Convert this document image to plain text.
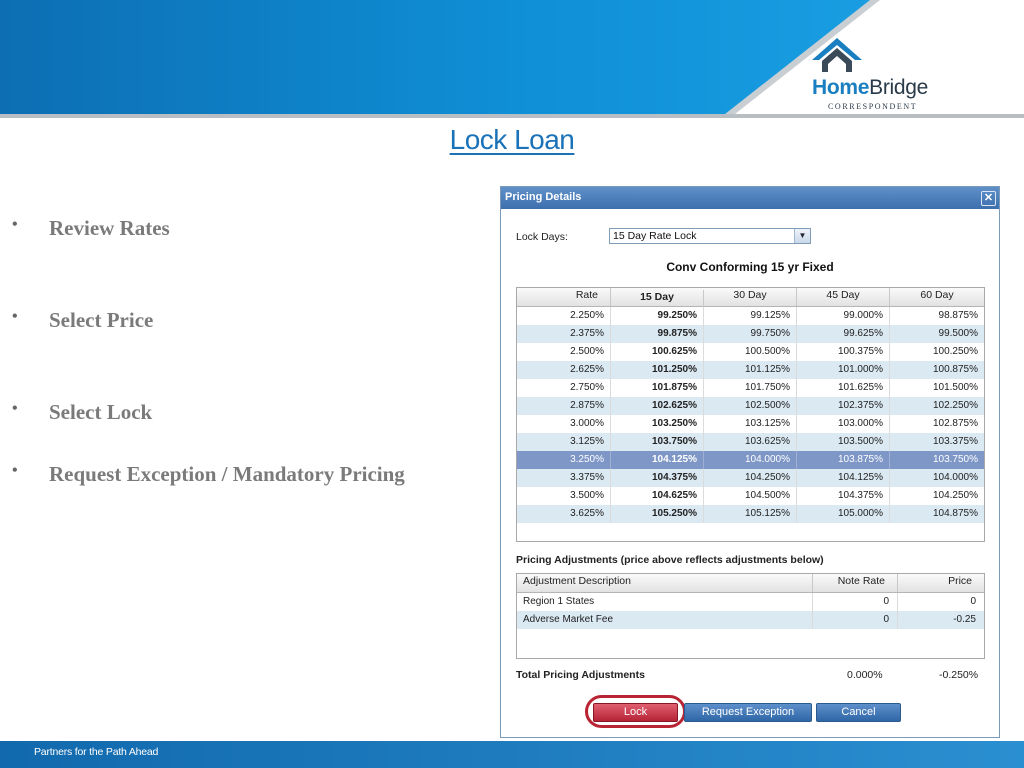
HomeBridge
CORRESPONDENT
Lock Loan
• Review Rates
• Select Price
• Select Lock
• Request Exception / Mandatory Pricing
Pricing Details	✕
Lock Days:	15 Day Rate Lock	▼
Conv Conforming 15 yr Fixed
Rate	15 Day	30 Day	45 Day	60 Day
2.250%	99.250%	99.125%	99.000%	98.875%
2.375%	99.875%	99.750%	99.625%	99.500%
2.500%	100.625%	100.500%	100.375%	100.250%
2.625%	101.250%	101.125%	101.000%	100.875%
2.750%	101.875%	101.750%	101.625%	101.500%
2.875%	102.625%	102.500%	102.375%	102.250%
3.000%	103.250%	103.125%	103.000%	102.875%
3.125%	103.750%	103.625%	103.500%	103.375%
3.250%	104.125%	104.000%	103.875%	103.750%
3.375%	104.375%	104.250%	104.125%	104.000%
3.500%	104.625%	104.500%	104.375%	104.250%
3.625%	105.250%	105.125%	105.000%	104.875%
Pricing Adjustments (price above reflects adjustments below)
Adjustment Description	Note Rate	Price
Region 1 States	0	0
Adverse Market Fee	0	-0.25
Total Pricing Adjustments	0.000%	-0.250%
Lock	Request Exception	Cancel
Partners for the Path Ahead
